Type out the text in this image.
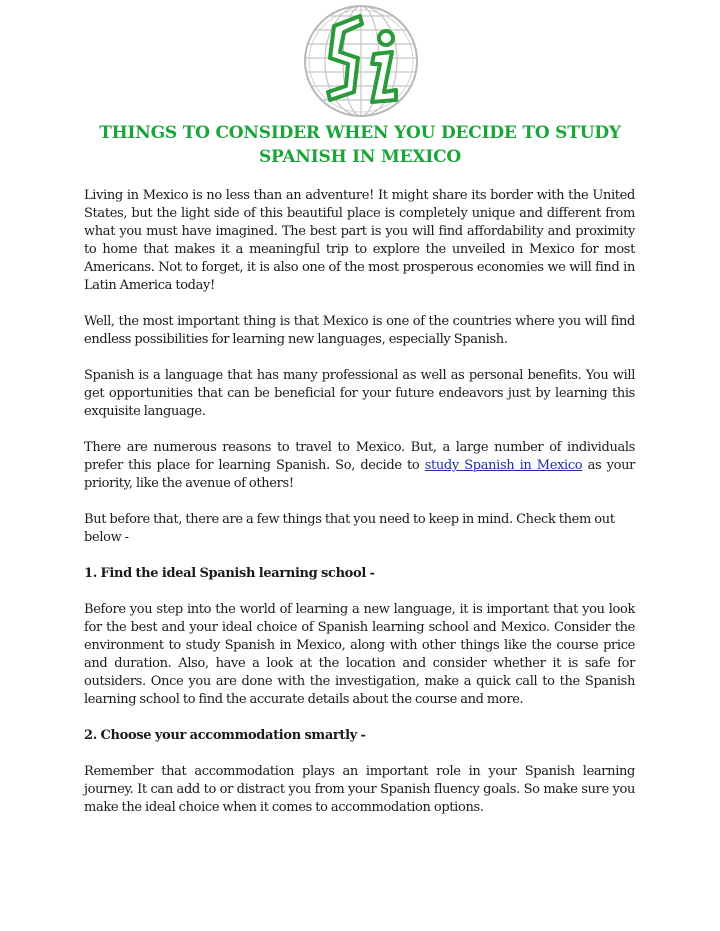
THINGS TO CONSIDER WHEN YOU DECIDE TO STUDY SPANISH IN MEXICO

Living in Mexico is no less than an adventure! It might share its border with the United States, but the light side of this beautiful place is completely unique and different from what you must have imagined. The best part is you will find affordability and proximity to home that makes it a meaningful trip to explore the unveiled in Mexico for most Americans. Not to forget, it is also one of the most prosperous economies we will find in Latin America today!

Well, the most important thing is that Mexico is one of the countries where you will find endless possibilities for learning new languages, especially Spanish.

Spanish is a language that has many professional as well as personal benefits. You will get opportunities that can be beneficial for your future endeavors just by learning this exquisite language.

There are numerous reasons to travel to Mexico. But, a large number of individuals prefer this place for learning Spanish. So, decide to study Spanish in Mexico as your priority, like the avenue of others!

But before that, there are a few things that you need to keep in mind. Check them out below -

1. Find the ideal Spanish learning school -

Before you step into the world of learning a new language, it is important that you look for the best and your ideal choice of Spanish learning school and Mexico. Consider the environment to study Spanish in Mexico, along with other things like the course price and duration. Also, have a look at the location and consider whether it is safe for outsiders. Once you are done with the investigation, make a quick call to the Spanish learning school to find the accurate details about the course and more.

2. Choose your accommodation smartly -

Remember that accommodation plays an important role in your Spanish learning journey. It can add to or distract you from your Spanish fluency goals. So make sure you make the ideal choice when it comes to accommodation options.
